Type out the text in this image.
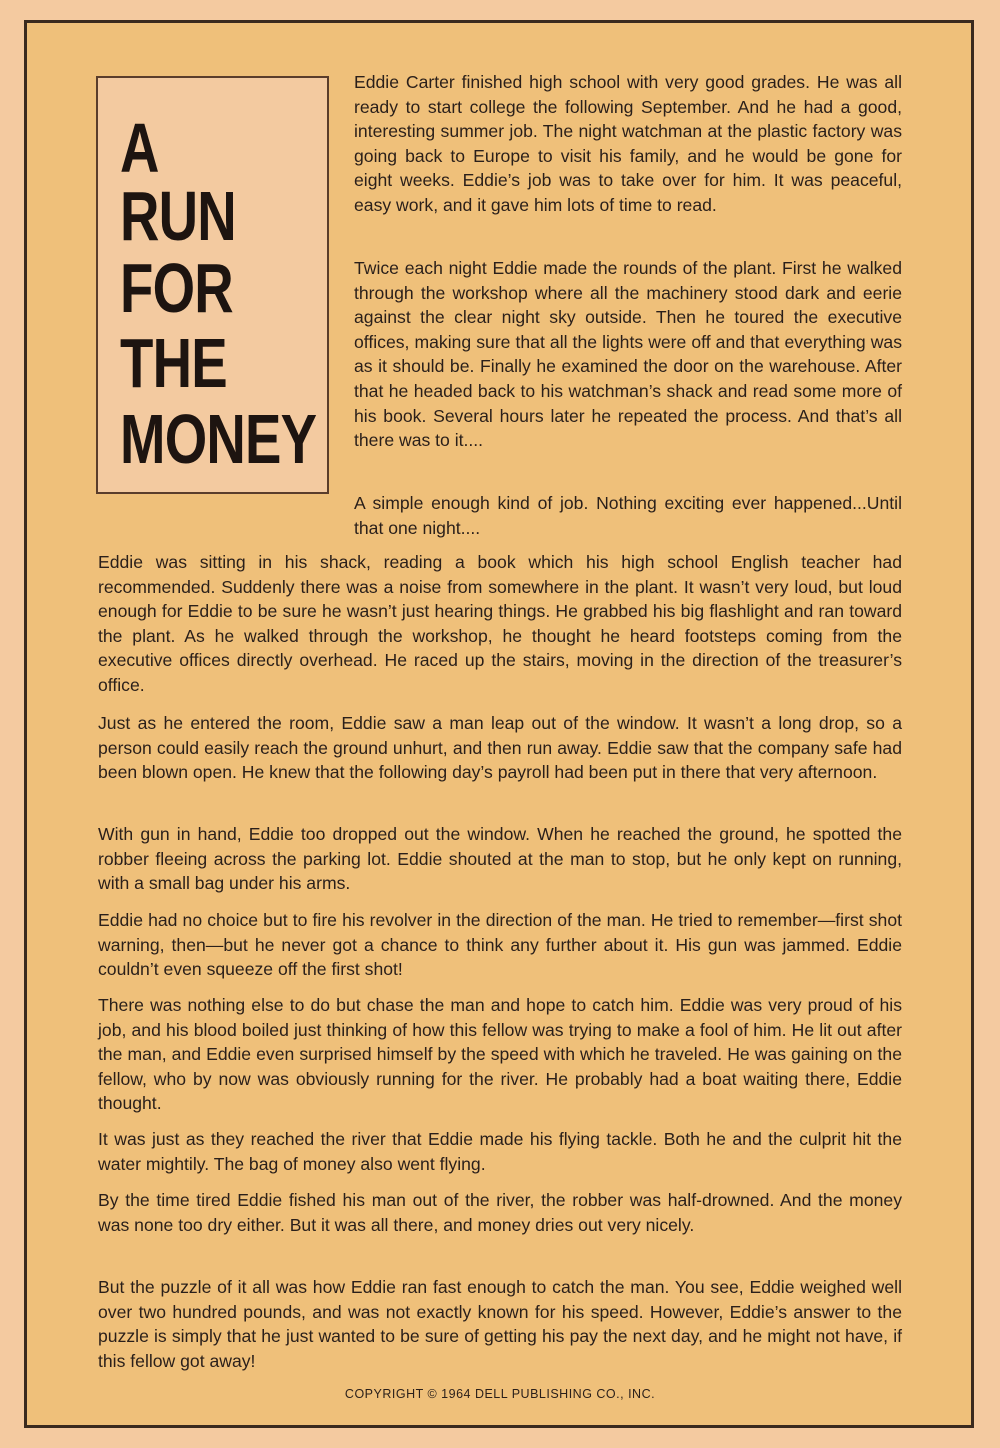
A
RUN
FOR
THE
MONEY

Eddie Carter finished high school with very good grades. He was all ready to start college the following September. And he had a good, interesting summer job. The night watchman at the plastic factory was going back to Europe to visit his family, and he would be gone for eight weeks. Eddie’s job was to take over for him. It was peaceful, easy work, and it gave him lots of time to read.

Twice each night Eddie made the rounds of the plant. First he walked through the workshop where all the machinery stood dark and eerie against the clear night sky outside. Then he toured the executive offices, making sure that all the lights were off and that everything was as it should be. Finally he examined the door on the warehouse. After that he headed back to his watchman’s shack and read some more of his book. Several hours later he repeated the process. And that’s all there was to it....

A simple enough kind of job. Nothing exciting ever happened...Until that one night....

Eddie was sitting in his shack, reading a book which his high school English teacher had recommended. Suddenly there was a noise from somewhere in the plant. It wasn’t very loud, but loud enough for Eddie to be sure he wasn’t just hearing things. He grabbed his big flashlight and ran toward the plant. As he walked through the workshop, he thought he heard footsteps coming from the executive offices directly overhead. He raced up the stairs, moving in the direction of the treasurer’s office.

Just as he entered the room, Eddie saw a man leap out of the window. It wasn’t a long drop, so a person could easily reach the ground unhurt, and then run away. Eddie saw that the company safe had been blown open. He knew that the following day’s payroll had been put in there that very afternoon.

With gun in hand, Eddie too dropped out the window. When he reached the ground, he spotted the robber fleeing across the parking lot. Eddie shouted at the man to stop, but he only kept on running, with a small bag under his arms.

Eddie had no choice but to fire his revolver in the direction of the man. He tried to remember—first shot warning, then—but he never got a chance to think any further about it. His gun was jammed. Eddie couldn’t even squeeze off the first shot!

There was nothing else to do but chase the man and hope to catch him. Eddie was very proud of his job, and his blood boiled just thinking of how this fellow was trying to make a fool of him. He lit out after the man, and Eddie even surprised himself by the speed with which he traveled. He was gaining on the fellow, who by now was obviously running for the river. He probably had a boat waiting there, Eddie thought.

It was just as they reached the river that Eddie made his flying tackle. Both he and the culprit hit the water mightily. The bag of money also went flying.

By the time tired Eddie fished his man out of the river, the robber was half-drowned. And the money was none too dry either. But it was all there, and money dries out very nicely.

But the puzzle of it all was how Eddie ran fast enough to catch the man. You see, Eddie weighed well over two hundred pounds, and was not exactly known for his speed. However, Eddie’s answer to the puzzle is simply that he just wanted to be sure of getting his pay the next day, and he might not have, if this fellow got away!

COPYRIGHT © 1964 DELL PUBLISHING CO., INC.
